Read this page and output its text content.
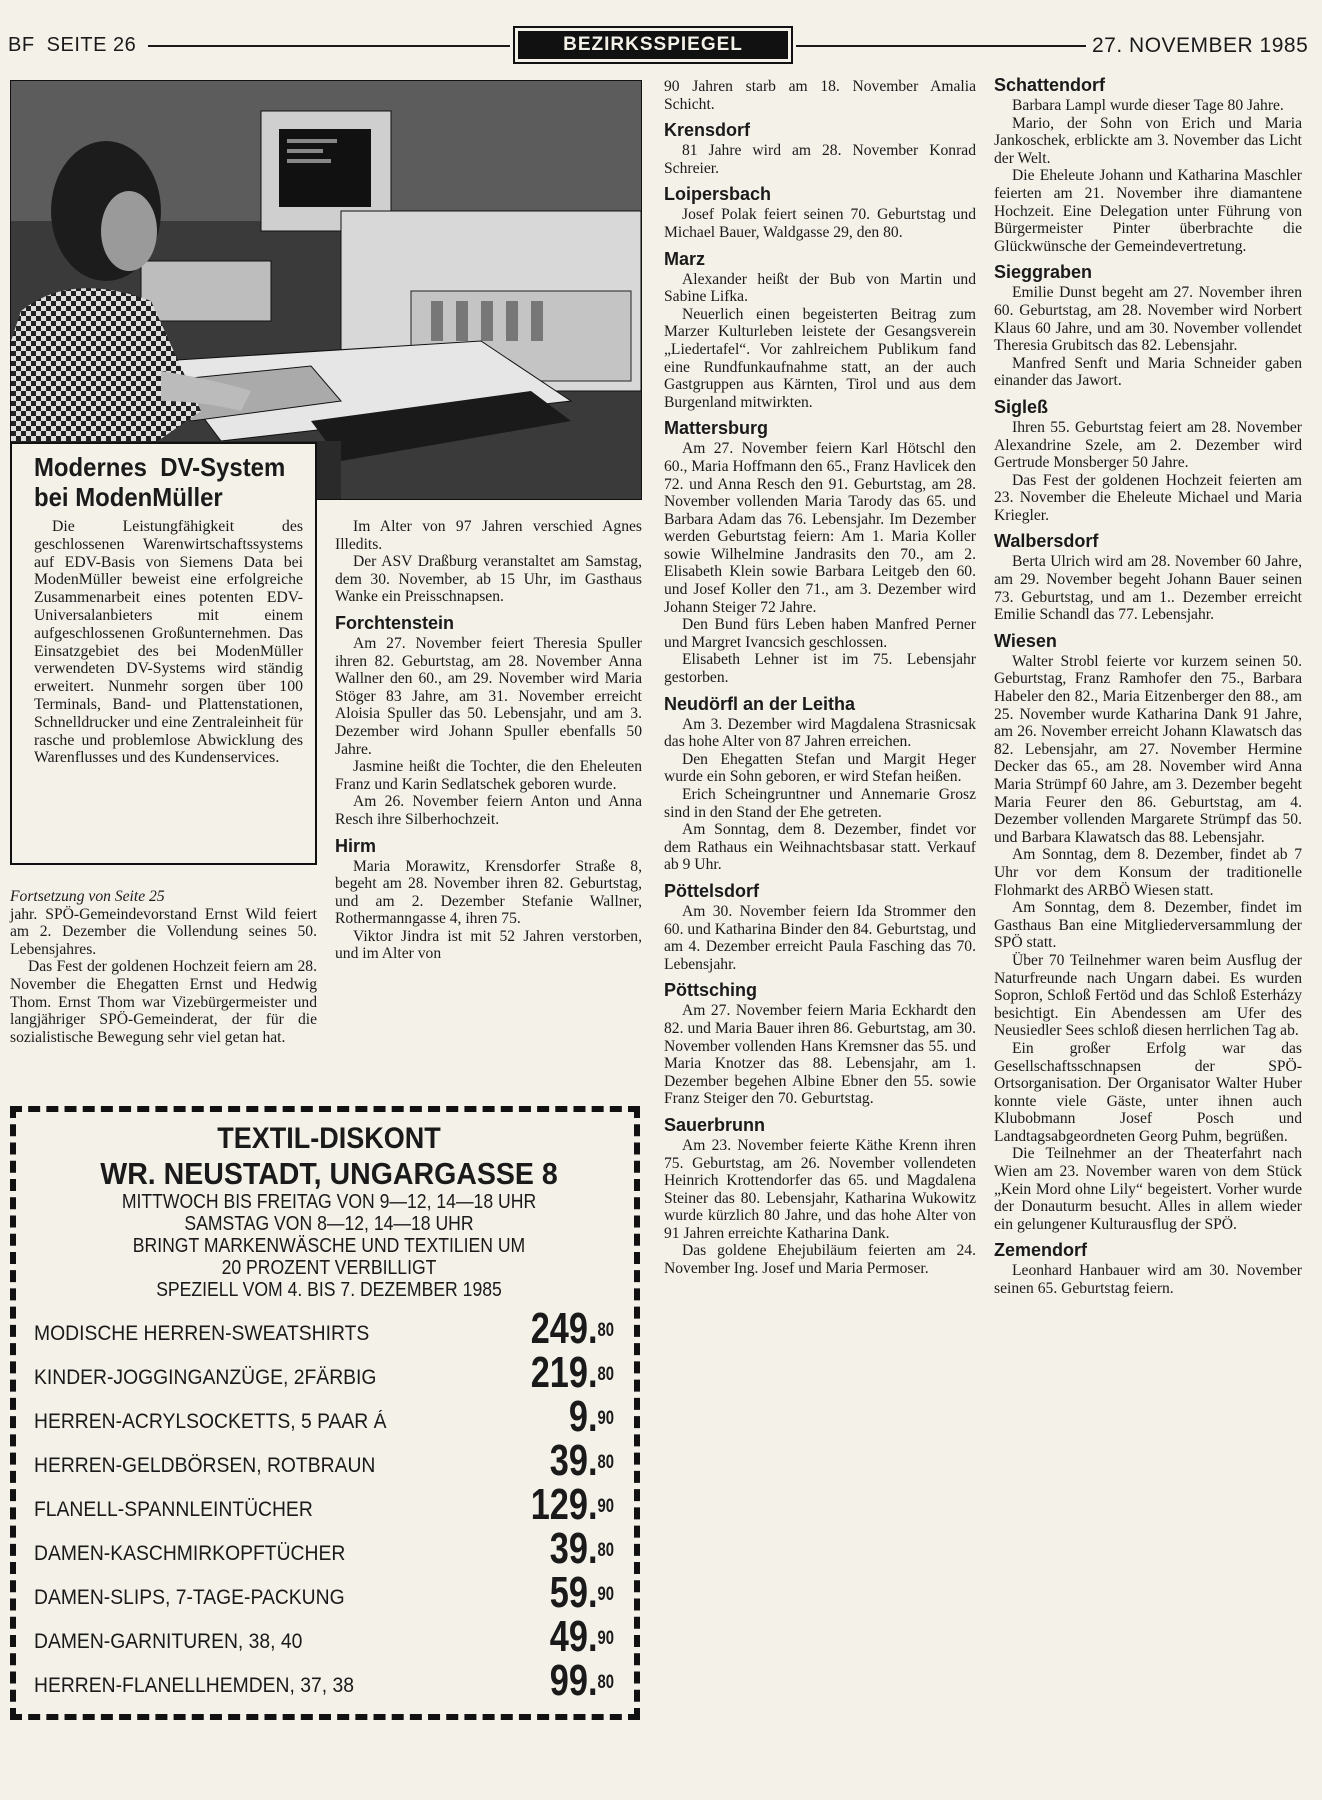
BF  SEITE 26	BEZIRKSSPIEGEL	27. NOVEMBER 1985
Modernes  DV-System
bei ModenMüller

Die Leistungfähigkeit des geschlossenen Warenwirtschaftssystems auf EDV-Basis von Siemens Data bei ModenMüller beweist eine erfolgreiche Zusammenarbeit eines potenten EDV-Universalanbieters mit einem aufgeschlossenen Großunternehmen. Das Einsatzgebiet des bei ModenMüller verwendeten DV-Systems wird ständig erweitert. Nunmehr sorgen über 100 Terminals, Band- und Plattenstationen, Schnelldrucker und eine Zentraleinheit für rasche und problemlose Abwicklung des Warenflusses und des Kundenservices.

Fortsetzung von Seite 25

jahr. SPÖ-Gemeindevorstand Ernst Wild feiert am 2. Dezember die Vollendung seines 50. Lebensjahres.

Das Fest der goldenen Hochzeit feiern am 28. November die Ehegatten Ernst und Hedwig Thom. Ernst Thom war Vizebürgermeister und langjähriger SPÖ-Gemeinderat, der für die sozialistische Bewegung sehr viel getan hat.

Im Alter von 97 Jahren verschied Agnes Illedits.

Der ASV Draßburg veranstaltet am Samstag, dem 30. November, ab 15 Uhr, im Gasthaus Wanke ein Preisschnapsen.

Forchtenstein

Am 27. November feiert Theresia Spuller ihren 82. Geburtstag, am 28. November Anna Wallner den 60., am 29. November wird Maria Stöger 83 Jahre, am 31. November erreicht Aloisia Spuller das 50. Lebensjahr, und am 3. Dezember wird Johann Spuller ebenfalls 50 Jahre.

Jasmine heißt die Tochter, die den Eheleuten Franz und Karin Sedlatschek geboren wurde.

Am 26. November feiern Anton und Anna Resch ihre Silberhochzeit.

Hirm

Maria Morawitz, Krensdorfer Straße 8, begeht am 28. November ihren 82. Geburtstag, und am 2. Dezember Stefanie Wallner, Rothermanngasse 4, ihren 75.

Viktor Jindra ist mit 52 Jahren verstorben, und im Alter von

90 Jahren starb am 18. November Amalia Schicht.

Krensdorf

81 Jahre wird am 28. November Konrad Schreier.

Loipersbach

Josef Polak feiert seinen 70. Geburtstag und Michael Bauer, Waldgasse 29, den 80.

Marz

Alexander heißt der Bub von Martin und Sabine Lifka.

Neuerlich einen begeisterten Beitrag zum Marzer Kulturleben leistete der Gesangsverein „Liedertafel“. Vor zahlreichem Publikum fand eine Rundfunkaufnahme statt, an der auch Gastgruppen aus Kärnten, Tirol und aus dem Burgenland mitwirkten.

Mattersburg

Am 27. November feiern Karl Hötschl den 60., Maria Hoffmann den 65., Franz Havlicek den 72. und Anna Resch den 91. Geburtstag, am 28. November vollenden Maria Tarody das 65. und Barbara Adam das 76. Lebensjahr. Im Dezember werden Geburtstag feiern: Am 1. Maria Koller sowie Wilhelmine Jandrasits den 70., am 2. Elisabeth Klein sowie Barbara Leitgeb den 60. und Josef Koller den 71., am 3. Dezember wird Johann Steiger 72 Jahre.

Den Bund fürs Leben haben Manfred Perner und Margret Ivancsich geschlossen.

Elisabeth Lehner ist im 75. Lebensjahr gestorben.

Neudörfl an der Leitha

Am 3. Dezember wird Magdalena Strasnicsak das hohe Alter von 87 Jahren erreichen.

Den Ehegatten Stefan und Margit Heger wurde ein Sohn geboren, er wird Stefan heißen.

Erich Scheingruntner und Annemarie Grosz sind in den Stand der Ehe getreten.

Am Sonntag, dem 8. Dezember, findet vor dem Rathaus ein Weihnachtsbasar statt. Verkauf ab 9 Uhr.

Pöttelsdorf

Am 30. November feiern Ida Strommer den 60. und Katharina Binder den 84. Geburtstag, und am 4. Dezember erreicht Paula Fasching das 70. Lebensjahr.

Pöttsching

Am 27. November feiern Maria Eckhardt den 82. und Maria Bauer ihren 86. Geburtstag, am 30. November vollenden Hans Kremsner das 55. und Maria Knotzer das 88. Lebensjahr, am 1. Dezember begehen Albine Ebner den 55. sowie Franz Steiger den 70. Geburtstag.

Sauerbrunn

Am 23. November feierte Käthe Krenn ihren 75. Geburtstag, am 26. November vollendeten Heinrich Krottendorfer das 65. und Magdalena Steiner das 80. Lebensjahr, Katharina Wukowitz wurde kürzlich 80 Jahre, und das hohe Alter von 91 Jahren erreichte Katharina Dank.

Das goldene Ehejubiläum feierten am 24. November Ing. Josef und Maria Permoser.

Schattendorf

Barbara Lampl wurde dieser Tage 80 Jahre.

Mario, der Sohn von Erich und Maria Jankoschek, erblickte am 3. November das Licht der Welt.

Die Eheleute Johann und Katharina Maschler feierten am 21. November ihre diamantene Hochzeit. Eine Delegation unter Führung von Bürgermeister Pinter überbrachte die Glückwünsche der Gemeindevertretung.

Sieggraben

Emilie Dunst begeht am 27. November ihren 60. Geburtstag, am 28. November wird Norbert Klaus 60 Jahre, und am 30. November vollendet Theresia Grubitsch das 82. Lebensjahr.

Manfred Senft und Maria Schneider gaben einander das Jawort.

Sigleß

Ihren 55. Geburtstag feiert am 28. November Alexandrine Szele, am 2. Dezember wird Gertrude Monsberger 50 Jahre.

Das Fest der goldenen Hochzeit feierten am 23. November die Eheleute Michael und Maria Kriegler.

Walbersdorf

Berta Ulrich wird am 28. November 60 Jahre, am 29. November begeht Johann Bauer seinen 73. Geburtstag, und am 1.. Dezember erreicht Emilie Schandl das 77. Lebensjahr.

Wiesen

Walter Strobl feierte vor kurzem seinen 50. Geburtstag, Franz Ramhofer den 75., Barbara Habeler den 82., Maria Eitzenberger den 88., am 25. November wurde Katharina Dank 91 Jahre, am 26. November erreicht Johann Klawatsch das 82. Lebensjahr, am 27. November Hermine Decker das 65., am 28. November wird Anna Maria Strümpf 60 Jahre, am 3. Dezember begeht Maria Feurer den 86. Geburtstag, am 4. Dezember vollenden Margarete Strümpf das 50. und Barbara Klawatsch das 88. Lebensjahr.

Am Sonntag, dem 8. Dezember, findet ab 7 Uhr vor dem Konsum der traditionelle Flohmarkt des ARBÖ Wiesen statt.

Am Sonntag, dem 8. Dezember, findet im Gasthaus Ban eine Mitgliederversammlung der SPÖ statt.

Über 70 Teilnehmer waren beim Ausflug der Naturfreunde nach Ungarn dabei. Es wurden Sopron, Schloß Fertöd und das Schloß Esterházy besichtigt. Ein Abendessen am Ufer des Neusiedler Sees schloß diesen herrlichen Tag ab.

Ein großer Erfolg war das Gesellschaftsschnapsen der SPÖ-Ortsorganisation. Der Organisator Walter Huber konnte viele Gäste, unter ihnen auch Klubobmann Josef Posch und Landtagsabgeordneten Georg Puhm, begrüßen.

Die Teilnehmer an der Theaterfahrt nach Wien am 23. November waren von dem Stück „Kein Mord ohne Lily“ begeistert. Vorher wurde der Donauturm besucht. Alles in allem wieder ein gelungener Kulturausflug der SPÖ.

Zemendorf

Leonhard Hanbauer wird am 30. November seinen 65. Geburtstag feiern.

TEXTIL-DISKONT
WR. NEUSTADT, UNGARGASSE 8
MITTWOCH BIS FREITAG VON 9—12, 14—18 UHR
SAMSTAG VON 8—12, 14—18 UHR
BRINGT MARKENWÄSCHE UND TEXTILIEN UM
20 PROZENT VERBILLIGT
SPEZIELL VOM 4. BIS 7. DEZEMBER 1985
MODISCHE HERREN-SWEATSHIRTS	249.80
KINDER-JOGGINGANZÜGE, 2FÄRBIG	219.80
HERREN-ACRYLSOCKETTS, 5 PAAR Á	9.90
HERREN-GELDBÖRSEN, ROTBRAUN	39.80
FLANELL-SPANNLEINTÜCHER	129.90
DAMEN-KASCHMIRKOPFTÜCHER	39.80
DAMEN-SLIPS, 7-TAGE-PACKUNG	59.90
DAMEN-GARNITUREN, 38, 40	49.90
HERREN-FLANELLHEMDEN, 37, 38	99.80
